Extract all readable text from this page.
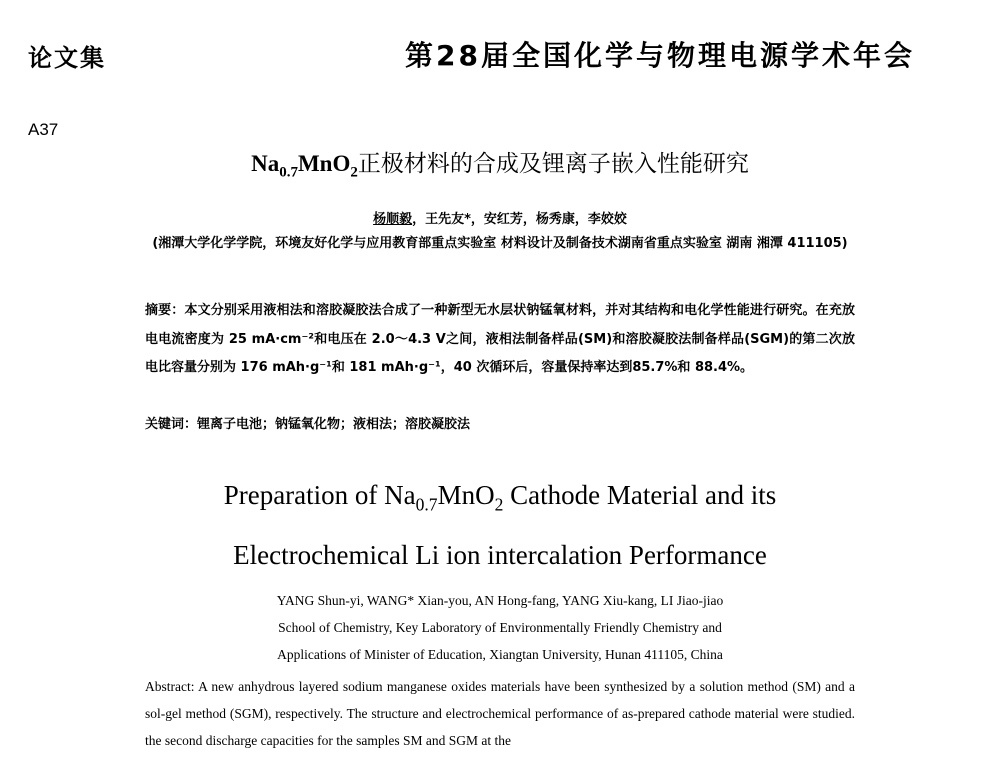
论文集	第28届全国化学与物理电源学术年会
A37
$Na_{0.7}MnO_2$正极材料的合成及锂离子嵌入性能研究
杨顺毅，王先友*，安红芳，杨秀康，李姣姣
(湘潭大学化学学院，环境友好化学与应用教育部重点实验室 材料设计及制备技术湖南省重点实验室 湖南 湘潭 411105)
摘要：本文分别采用液相法和溶胶凝胶法合成了一种新型无水层状钠锰氧材料，并对其结构和电化学性能进行研究。在充放电电流密度为 25 mA·cm⁻²和电压在 2.0～4.3 V之间，液相法制备样品(SM)和溶胶凝胶法制备样品(SGM)的第二次放电比容量分别为 176 mAh·g⁻¹和 181 mAh·g⁻¹，40 次循环后，容量保持率达到85.7%和 88.4%。
关键词：锂离子电池；钠锰氧化物；液相法；溶胶凝胶法
Preparation of $Na_{0.7}MnO_2$ Cathode Material and its
Electrochemical Li ion intercalation Performance
YANG Shun-yi, WANG* Xian-you, AN Hong-fang, YANG Xiu-kang, LI Jiao-jiao
School of Chemistry, Key Laboratory of Environmentally Friendly Chemistry and
Applications of Minister of Education, Xiangtan University, Hunan 411105, China
Abstract: A new anhydrous layered sodium manganese oxides materials have been synthesized by a solution method (SM) and a sol-gel method (SGM), respectively. The structure and electrochemical performance of as-prepared cathode material were studied. the second discharge capacities for the samples SM and SGM at the
